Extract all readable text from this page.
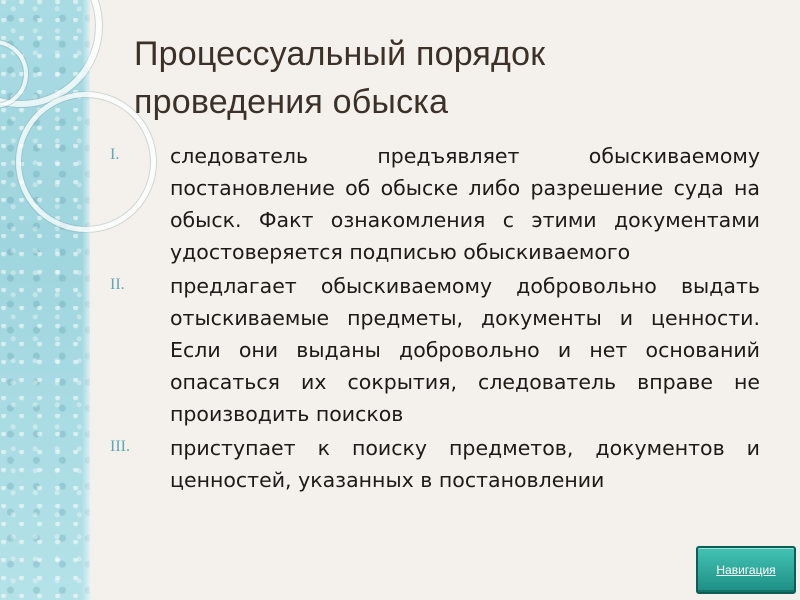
Процессуальный порядок
проведения обыска
I.	следователь предъявляет обыскиваемому постановление об обыске либо разрешение суда на обыск. Факт ознакомления с этими документами удостоверяется подписью обыскиваемого
II.	предлагает обыскиваемому добровольно выдать отыскиваемые предметы, документы и ценности. Если они выданы добровольно и нет оснований опасаться их сокрытия, следователь вправе не производить поисков
III.	приступает к поиску предметов, документов и ценностей, указанных в постановлении
Навигация
